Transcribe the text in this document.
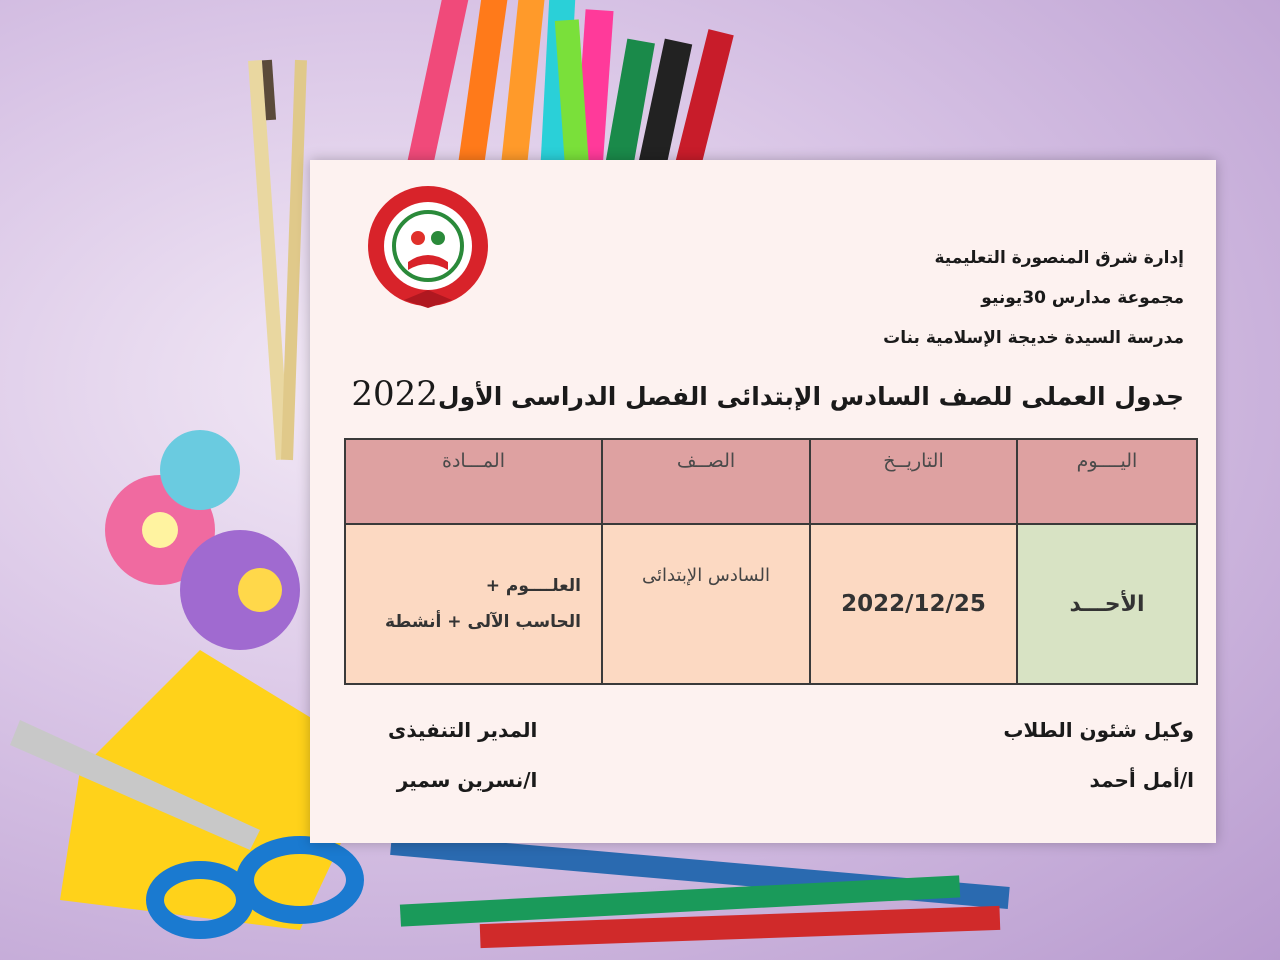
إدارة شرق المنصورة التعليمية
مجموعة مدارس 30يونيو
مدرسة السيدة خديجة الإسلامية بنات
جدول العملى للصف السادس الإبتدائى الفصل الدراسى الأول2022
اليــــوم	التاريــخ	الصــف	المـــادة
الأحـــد	2022/12/25	السادس الإبتدائى	العلــــوم +
الحاسب الآلى + أنشطة
وكيل شئون الطلاب
ا/أمل أحمد
المدير التنفيذى
ا/نسرين سمير
